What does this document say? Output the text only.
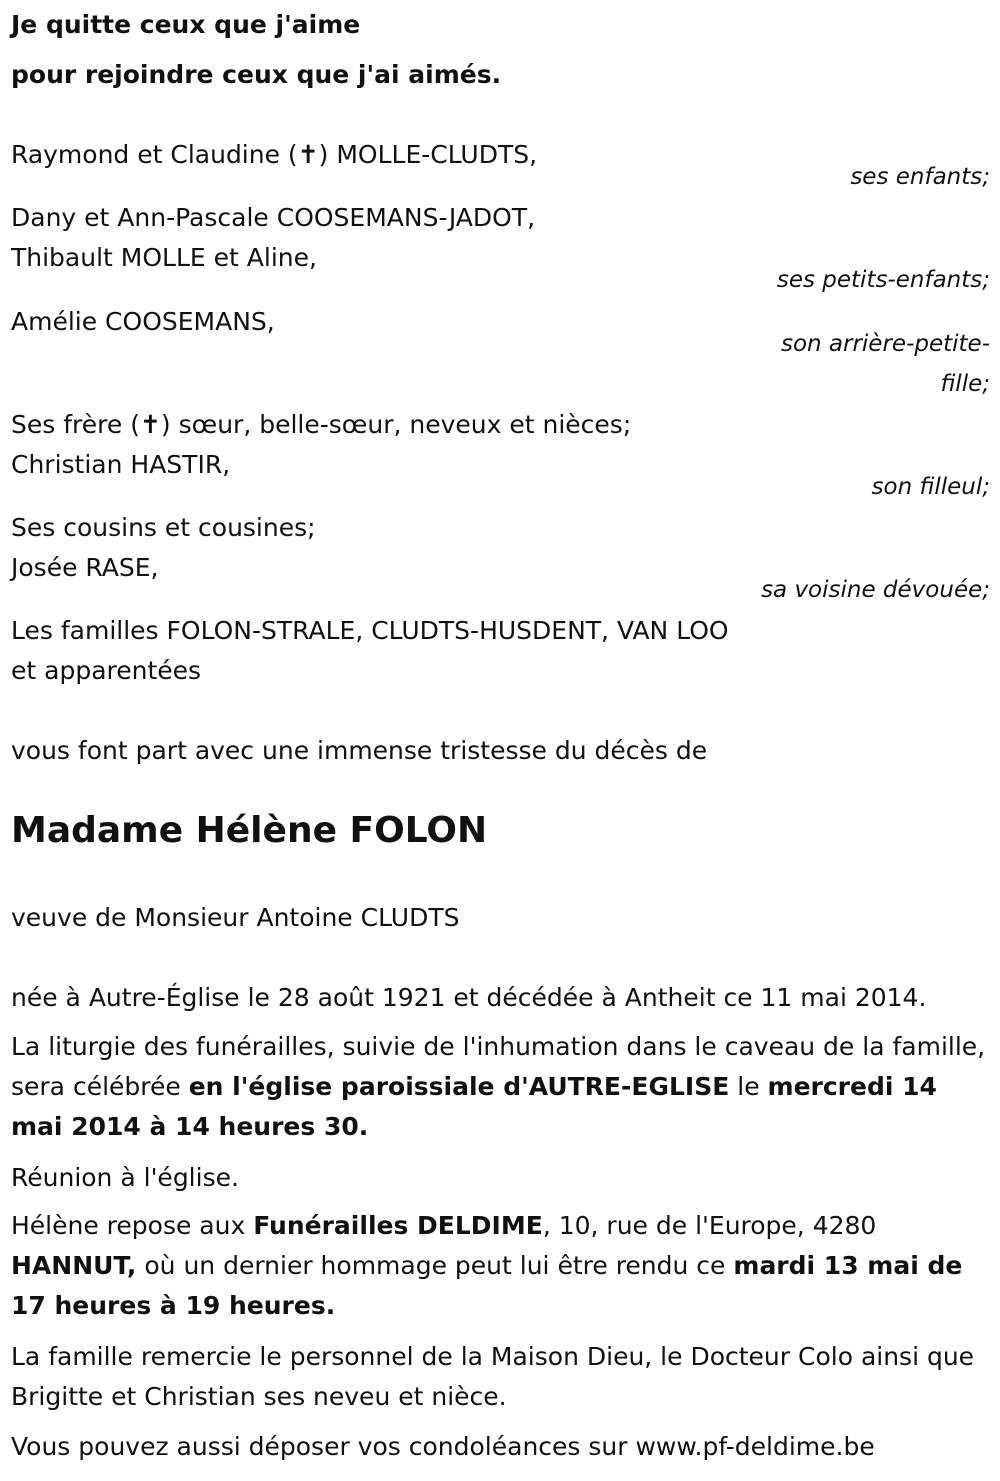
Je quitte ceux que j'aime
pour rejoindre ceux que j'ai aimés.
Raymond et Claudine (✝) MOLLE-CLUDTS,
ses enfants;
Dany et Ann-Pascale COOSEMANS-JADOT,
Thibault MOLLE et Aline,
ses petits-enfants;
Amélie COOSEMANS,
son arrière-petite-
fille;
Ses frère (✝) sœur, belle-sœur, neveux et nièces;
Christian HASTIR,
son filleul;
Ses cousins et cousines;
Josée RASE,
sa voisine dévouée;
Les familles FOLON-STRALE, CLUDTS-HUSDENT, VAN LOO
et apparentées
vous font part avec une immense tristesse du décès de
Madame Hélène FOLON
veuve de Monsieur Antoine CLUDTS
née à Autre-Église le 28 août 1921 et décédée à Antheit ce 11 mai 2014.
La liturgie des funérailles, suivie de l'inhumation dans le caveau de la famille, sera célébrée en l'église paroissiale d'AUTRE-EGLISE le mercredi 14 mai 2014 à 14 heures 30.
Réunion à l'église.
Hélène repose aux Funérailles DELDIME, 10, rue de l'Europe, 4280 HANNUT, où un dernier hommage peut lui être rendu ce mardi 13 mai de 17 heures à 19 heures.
La famille remercie le personnel de la Maison Dieu, le Docteur Colo ainsi que Brigitte et Christian ses neveu et nièce.
Vous pouvez aussi déposer vos condoléances sur www.pf-deldime.be
